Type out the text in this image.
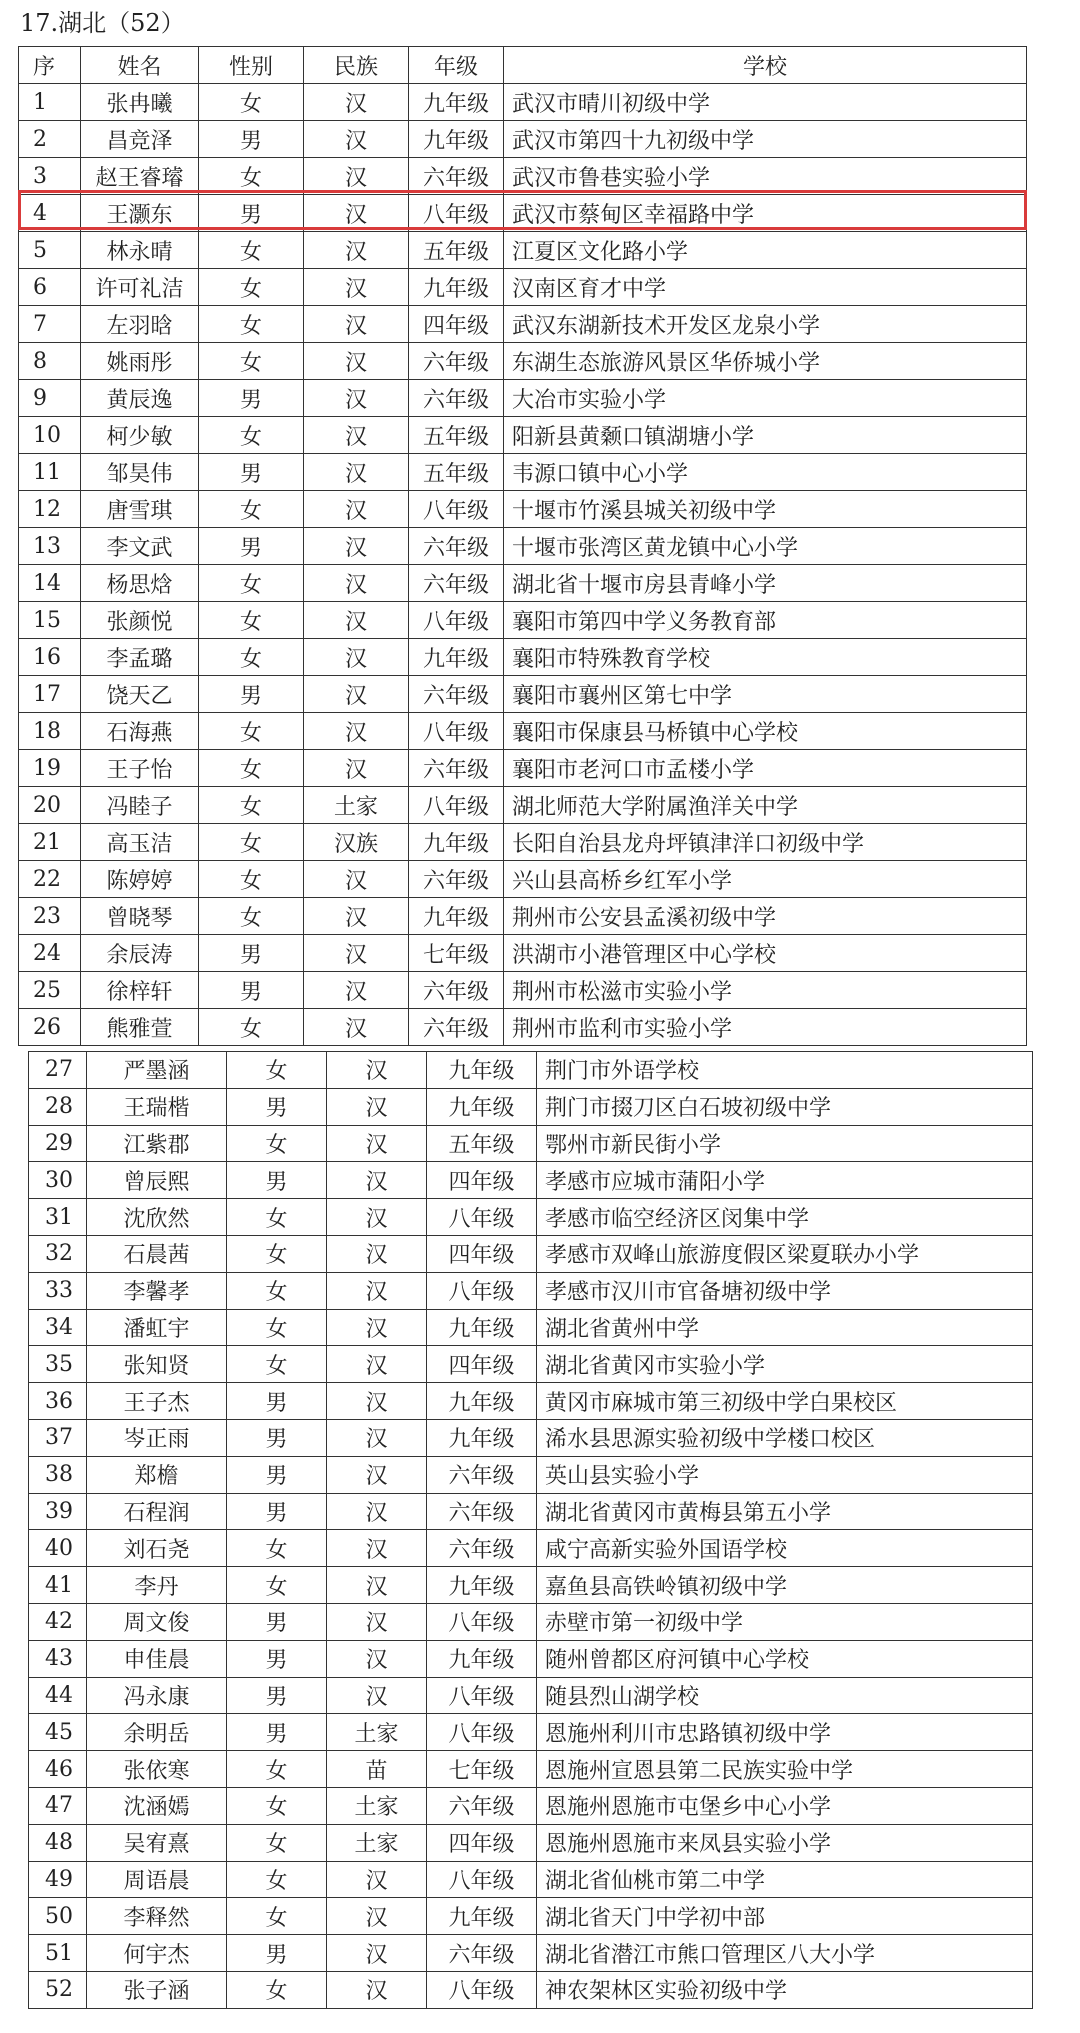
17.湖北（52）
序	姓名	性别	民族	年级	学校
1	张冉曦	女	汉	九年级	武汉市晴川初级中学
2	昌竞泽	男	汉	九年级	武汉市第四十九初级中学
3	赵王睿璿	女	汉	六年级	武汉市鲁巷实验小学
4	王灏东	男	汉	八年级	武汉市蔡甸区幸福路中学
5	林永晴	女	汉	五年级	江夏区文化路小学
6	许可礼洁	女	汉	九年级	汉南区育才中学
7	左羽晗	女	汉	四年级	武汉东湖新技术开发区龙泉小学
8	姚雨彤	女	汉	六年级	东湖生态旅游风景区华侨城小学
9	黄辰逸	男	汉	六年级	大冶市实验小学
10	柯少敏	女	汉	五年级	阳新县黄颡口镇湖塘小学
11	邹昊伟	男	汉	五年级	韦源口镇中心小学
12	唐雪琪	女	汉	八年级	十堰市竹溪县城关初级中学
13	李文武	男	汉	六年级	十堰市张湾区黄龙镇中心小学
14	杨思焓	女	汉	六年级	湖北省十堰市房县青峰小学
15	张颜悦	女	汉	八年级	襄阳市第四中学义务教育部
16	李孟璐	女	汉	九年级	襄阳市特殊教育学校
17	饶天乙	男	汉	六年级	襄阳市襄州区第七中学
18	石海燕	女	汉	八年级	襄阳市保康县马桥镇中心学校
19	王子怡	女	汉	六年级	襄阳市老河口市孟楼小学
20	冯睦子	女	土家	八年级	湖北师范大学附属渔洋关中学
21	高玉洁	女	汉族	九年级	长阳自治县龙舟坪镇津洋口初级中学
22	陈婷婷	女	汉	六年级	兴山县高桥乡红军小学
23	曾晓琴	女	汉	九年级	荆州市公安县孟溪初级中学
24	余辰涛	男	汉	七年级	洪湖市小港管理区中心学校
25	徐梓轩	男	汉	六年级	荆州市松滋市实验小学
26	熊雅萱	女	汉	六年级	荆州市监利市实验小学
27	严墨涵	女	汉	九年级	荆门市外语学校
28	王瑞楷	男	汉	九年级	荆门市掇刀区白石坡初级中学
29	江紫郡	女	汉	五年级	鄂州市新民街小学
30	曾辰熙	男	汉	四年级	孝感市应城市蒲阳小学
31	沈欣然	女	汉	八年级	孝感市临空经济区闵集中学
32	石晨茜	女	汉	四年级	孝感市双峰山旅游度假区梁夏联办小学
33	李馨孝	女	汉	八年级	孝感市汉川市官备塘初级中学
34	潘虹宇	女	汉	九年级	湖北省黄州中学
35	张知贤	女	汉	四年级	湖北省黄冈市实验小学
36	王子杰	男	汉	九年级	黄冈市麻城市第三初级中学白果校区
37	岑正雨	男	汉	九年级	浠水县思源实验初级中学楼口校区
38	郑檐	男	汉	六年级	英山县实验小学
39	石程润	男	汉	六年级	湖北省黄冈市黄梅县第五小学
40	刘石尧	女	汉	六年级	咸宁高新实验外国语学校
41	李丹	女	汉	九年级	嘉鱼县高铁岭镇初级中学
42	周文俊	男	汉	八年级	赤壁市第一初级中学
43	申佳晨	男	汉	九年级	随州曾都区府河镇中心学校
44	冯永康	男	汉	八年级	随县烈山湖学校
45	余明岳	男	土家	八年级	恩施州利川市忠路镇初级中学
46	张依寒	女	苗	七年级	恩施州宣恩县第二民族实验中学
47	沈涵嫣	女	土家	六年级	恩施州恩施市屯堡乡中心小学
48	吴宥熹	女	土家	四年级	恩施州恩施市来凤县实验小学
49	周语晨	女	汉	八年级	湖北省仙桃市第二中学
50	李释然	女	汉	九年级	湖北省天门中学初中部
51	何宇杰	男	汉	六年级	湖北省潜江市熊口管理区八大小学
52	张子涵	女	汉	八年级	神农架林区实验初级中学
